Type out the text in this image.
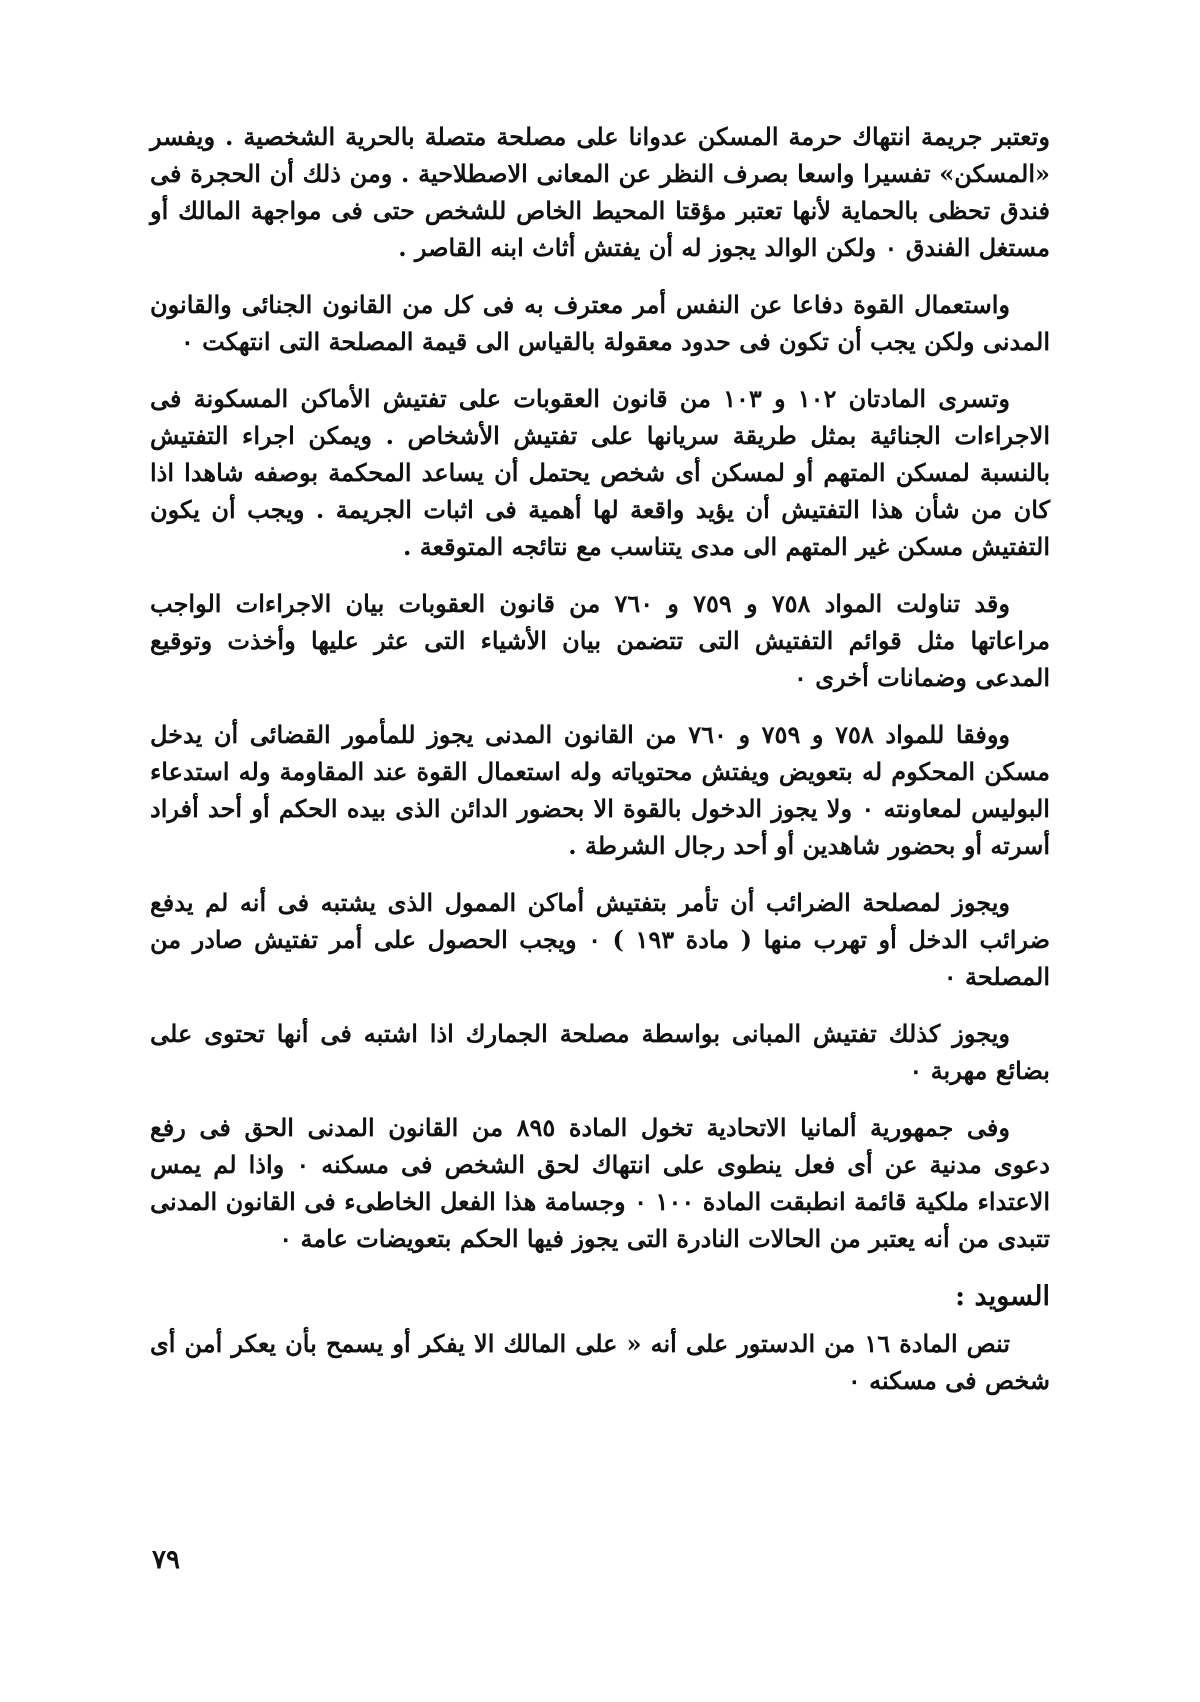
وتعتبر جريمة انتهاك حرمة المسكن عدوانا على مصلحة متصلة بالحرية الشخصية . ويفسر «المسكن» تفسيرا واسعا بصرف النظر عن المعانى الاصطلاحية . ومن ذلك أن الحجرة فى فندق تحظى بالحماية لأنها تعتبر مؤقتا المحيط الخاص للشخص حتى فى مواجهة المالك أو مستغل الفندق ٠ ولكن الوالد يجوز له أن يفتش أثاث ابنه القاصر .

واستعمال القوة دفاعا عن النفس أمر معترف به فى كل من القانون الجنائى والقانون المدنى ولكن يجب أن تكون فى حدود معقولة بالقياس الى قيمة المصلحة التى انتهكت ٠

وتسرى المادتان ١٠٢ و ١٠٣ من قانون العقوبات على تفتيش الأماكن المسكونة فى الاجراءات الجنائية بمثل طريقة سريانها على تفتيش الأشخاص . ويمكن اجراء التفتيش بالنسبة لمسكن المتهم أو لمسكن أى شخص يحتمل أن يساعد المحكمة بوصفه شاهدا اذا كان من شأن هذا التفتيش أن يؤيد واقعة لها أهمية فى اثبات الجريمة . ويجب أن يكون التفتيش مسكن غير المتهم الى مدى يتناسب مع نتائجه المتوقعة .

وقد تناولت المواد ٧٥٨ و ٧٥٩ و ٧٦٠ من قانون العقوبات بيان الاجراءات الواجب مراعاتها مثل قوائم التفتيش التى تتضمن بيان الأشياء التى عثر عليها وأخذت وتوقيع المدعى وضمانات أخرى ٠

ووفقا للمواد ٧٥٨ و ٧٥٩ و ٧٦٠ من القانون المدنى يجوز للمأمور القضائى أن يدخل مسكن المحكوم له بتعويض ويفتش محتوياته وله استعمال القوة عند المقاومة وله استدعاء البوليس لمعاونته ٠ ولا يجوز الدخول بالقوة الا بحضور الدائن الذى بيده الحكم أو أحد أفراد أسرته أو بحضور شاهدين أو أحد رجال الشرطة .

ويجوز لمصلحة الضرائب أن تأمر بتفتيش أماكن الممول الذى يشتبه فى أنه لم يدفع ضرائب الدخل أو تهرب منها ( مادة ١٩٣ ) ٠ ويجب الحصول على أمر تفتيش صادر من المصلحة ٠

ويجوز كذلك تفتيش المبانى بواسطة مصلحة الجمارك اذا اشتبه فى أنها تحتوى على بضائع مهربة ٠

وفى جمهورية ألمانيا الاتحادية تخول المادة ٨٩٥ من القانون المدنى الحق فى رفع دعوى مدنية عن أى فعل ينطوى على انتهاك لحق الشخص فى مسكنه ٠ واذا لم يمس الاعتداء ملكية قائمة انطبقت المادة ١٠٠ ٠ وجسامة هذا الفعل الخاطىء فى القانون المدنى تتبدى من أنه يعتبر من الحالات النادرة التى يجوز فيها الحكم بتعويضات عامة ٠

السويد :

تنص المادة ١٦ من الدستور على أنه « على المالك الا يفكر أو يسمح بأن يعكر أمن أى شخص فى مسكنه ٠

٧٩
